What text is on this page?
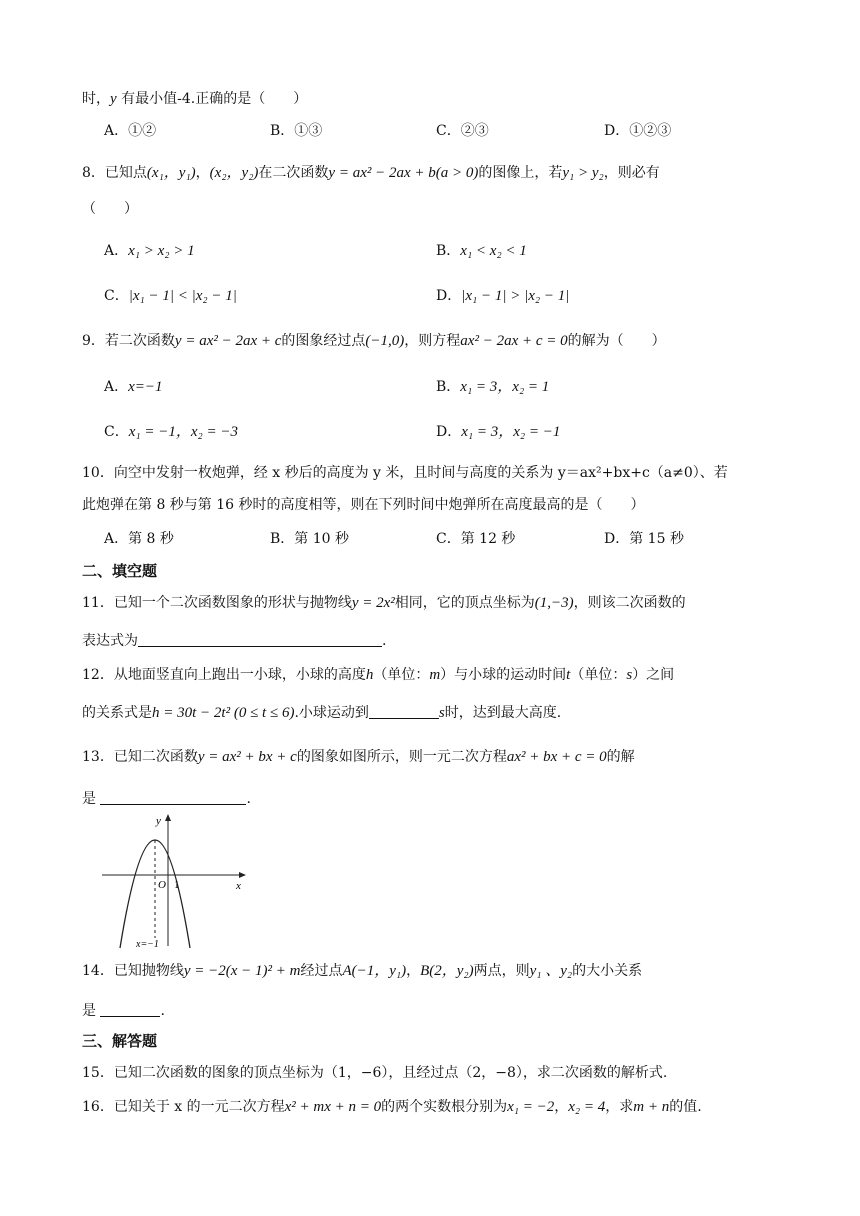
时，y 有最小值-4.正确的是（　　）
A．①②	B．①③	C．②③	D．①②③
8．已知点(x₁，y₁)，(x₂，y₂)在二次函数y = ax² − 2ax + b(a > 0)的图像上，若y₁ > y₂，则必有
（　　）
A．x₁ > x₂ > 1	B．x₁ < x₂ < 1
C．|x₁ − 1| < |x₂ − 1|	D．|x₁ − 1| > |x₂ − 1|
9．若二次函数y = ax² − 2ax + c的图象经过点(−1,0)，则方程ax² − 2ax + c = 0的解为（　　）
A．x=−1	B．x₁ = 3，x₂ = 1
C．x₁ = −1，x₂ = −3	D．x₁ = 3，x₂ = −1
10．向空中发射一枚炮弹，经 x 秒后的高度为 y 米，且时间与高度的关系为 y＝ax²+bx+c（a≠0）、若
此炮弹在第 8 秒与第 16 秒时的高度相等，则在下列时间中炮弹所在高度最高的是（　　）
A．第 8 秒	B．第 10 秒	C．第 12 秒	D．第 15 秒
二、填空题
11．已知一个二次函数图象的形状与抛物线y = 2x²相同，它的顶点坐标为(1,−3)，则该二次函数的
表达式为	.
12．从地面竖直向上跑出一小球，小球的高度h（单位：m）与小球的运动时间t（单位：s）之间
的关系式是h = 30t − 2t² (0 ≤ t ≤ 6).小球运动到	s时，达到最大高度.
13．已知二次函数y = ax² + bx + c的图象如图所示，则一元二次方程ax² + bx + c = 0的解
是	.
y
x
O 1
x=−1
14．已知抛物线y = −2(x − 1)² + m经过点A(−1，y₁)，B(2，y₂)两点，则y₁ 、y₂的大小关系
是	.
三、解答题
15．已知二次函数的图象的顶点坐标为（1，−6），且经过点（2，−8），求二次函数的解析式.
16．已知关于 x 的一元二次方程x² + mx + n = 0的两个实数根分别为x₁ = −2，x₂ = 4，求m + n的值.
